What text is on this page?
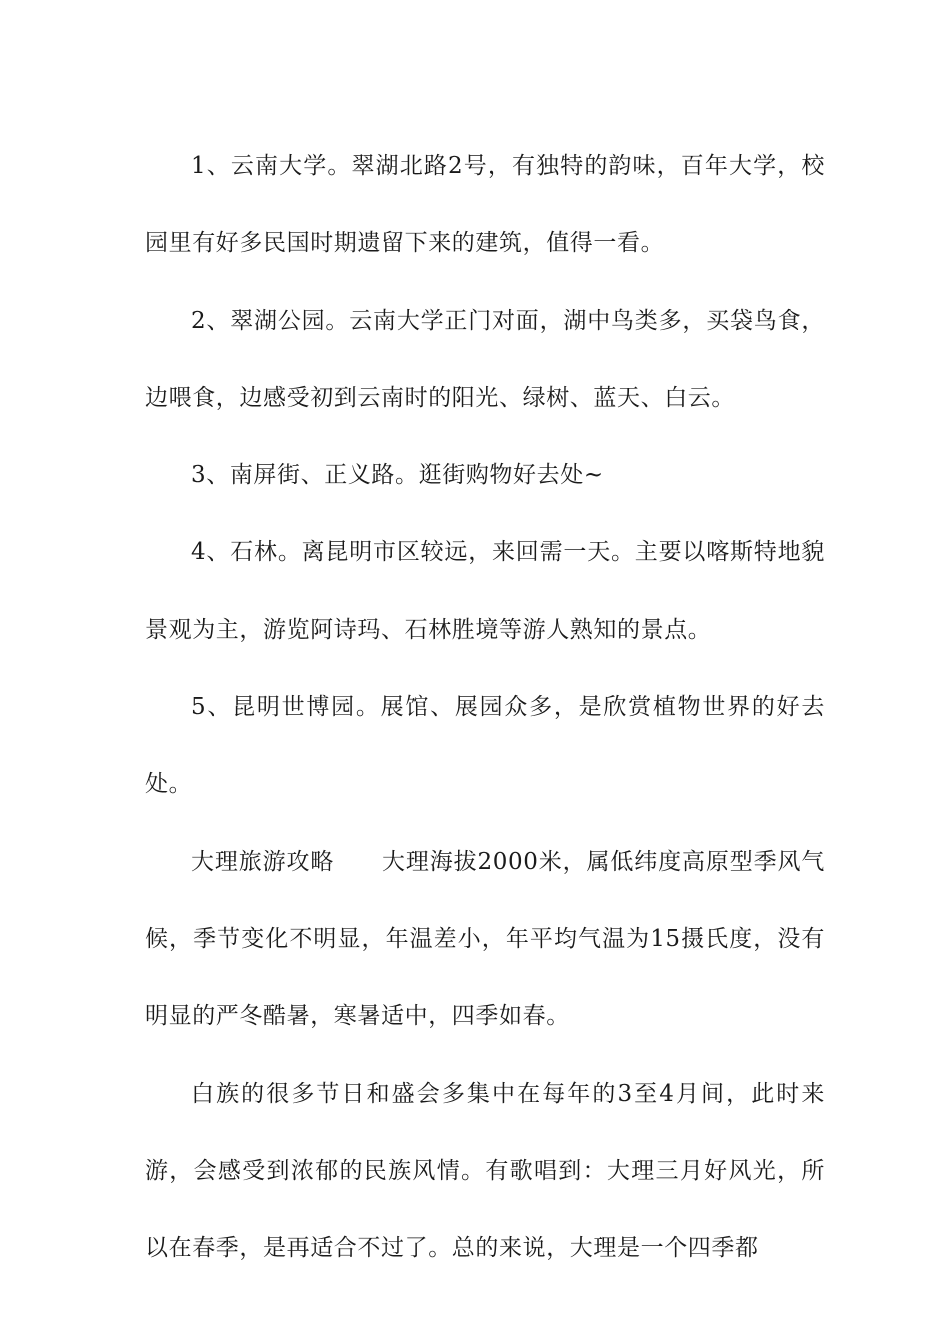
1、云南大学。翠湖北路2号，有独特的韵味，百年大学，校园里有好多民国时期遗留下来的建筑，值得一看。

2、翠湖公园。云南大学正门对面，湖中鸟类多，买袋鸟食，边喂食，边感受初到云南时的阳光、绿树、蓝天、白云。

3、南屏街、正义路。逛街购物好去处~

4、石林。离昆明市区较远，来回需一天。主要以喀斯特地貌景观为主，游览阿诗玛、石林胜境等游人熟知的景点。

5、昆明世博园。展馆、展园众多，是欣赏植物世界的好去处。

大理旅游攻略　　大理海拔2000米，属低纬度高原型季风气候，季节变化不明显，年温差小，年平均气温为15摄氏度，没有明显的严冬酷暑，寒暑适中，四季如春。

白族的很多节日和盛会多集中在每年的3至4月间，此时来游，会感受到浓郁的民族风情。有歌唱到：大理三月好风光，所以在春季，是再适合不过了。总的来说，大理是一个四季都
